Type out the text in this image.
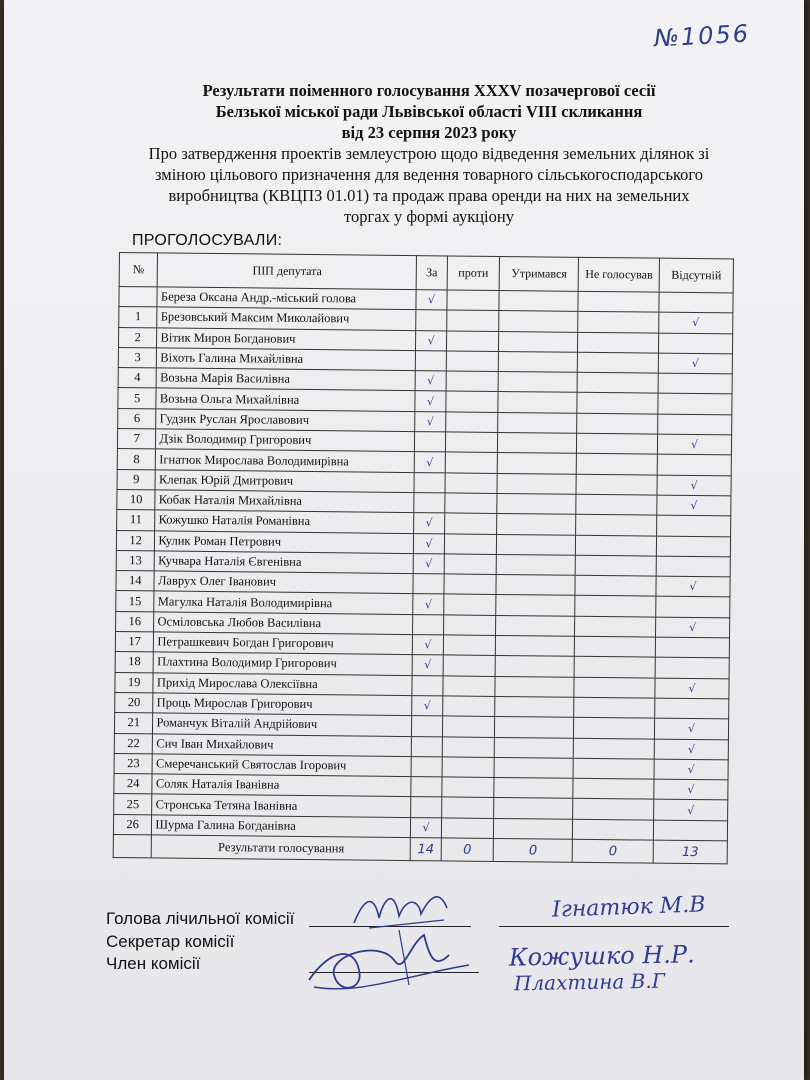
№1056
Результати поіменного голосування ХХХV позачергової сесії
Белзької міської ради Львівської області VIII скликання
від 23 серпня 2023 року
Про затвердження проектів землеустрою щодо відведення земельних ділянок зі
зміною цільового призначення для ведення товарного сільськогосподарського
виробництва (КВЦПЗ 01.01) та продаж права оренди на них на земельних
торгах у формі аукціону
ПРОГОЛОСУВАЛИ:
№	ПІП депутата	За	проти	Утримався	Не голосував	Відсутній
	Береза Оксана Андр.-міський голова	√				
1	Брезовський Максим Миколайович					√
2	Вітик Мирон Богданович	√				
3	Віхоть Галина Михайлівна					√
4	Возьна Марія Василівна	√				
5	Возьна Ольга Михайлівна	√				
6	Гудзик Руслан Ярославович	√				
7	Дзік Володимир Григорович					√
8	Ігнатюк Мирослава Володимирівна	√				
9	Клепак Юрій Дмитрович					√
10	Кобак Наталія Михайлівна					√
11	Кожушко Наталія Романівна	√				
12	Кулик Роман Петрович	√				
13	Кучвара Наталія Євгенівна	√				
14	Лаврух Олег Іванович					√
15	Магулка Наталія Володимирівна	√				
16	Осміловська Любов Василівна					√
17	Петрашкевич Богдан Григорович	√				
18	Плахтина Володимир Григорович	√				
19	Прихід Мирослава Олексіївна					√
20	Проць Мирослав Григорович	√				
21	Романчук Віталій Андрійович					√
22	Сич Іван Михайлович					√
23	Смеречанський Святослав Ігорович					√
24	Соляк Наталія Іванівна					√
25	Стронська Тетяна Іванівна					√
26	Шурма Галина Богданівна	√				
	Результати голосування	14	0	0	0	13
Голова лічильної комісії
Секретар комісії
Член комісії
Ігнатюк М.В
Кожушко Н.Р.
Плахтина В.Г
